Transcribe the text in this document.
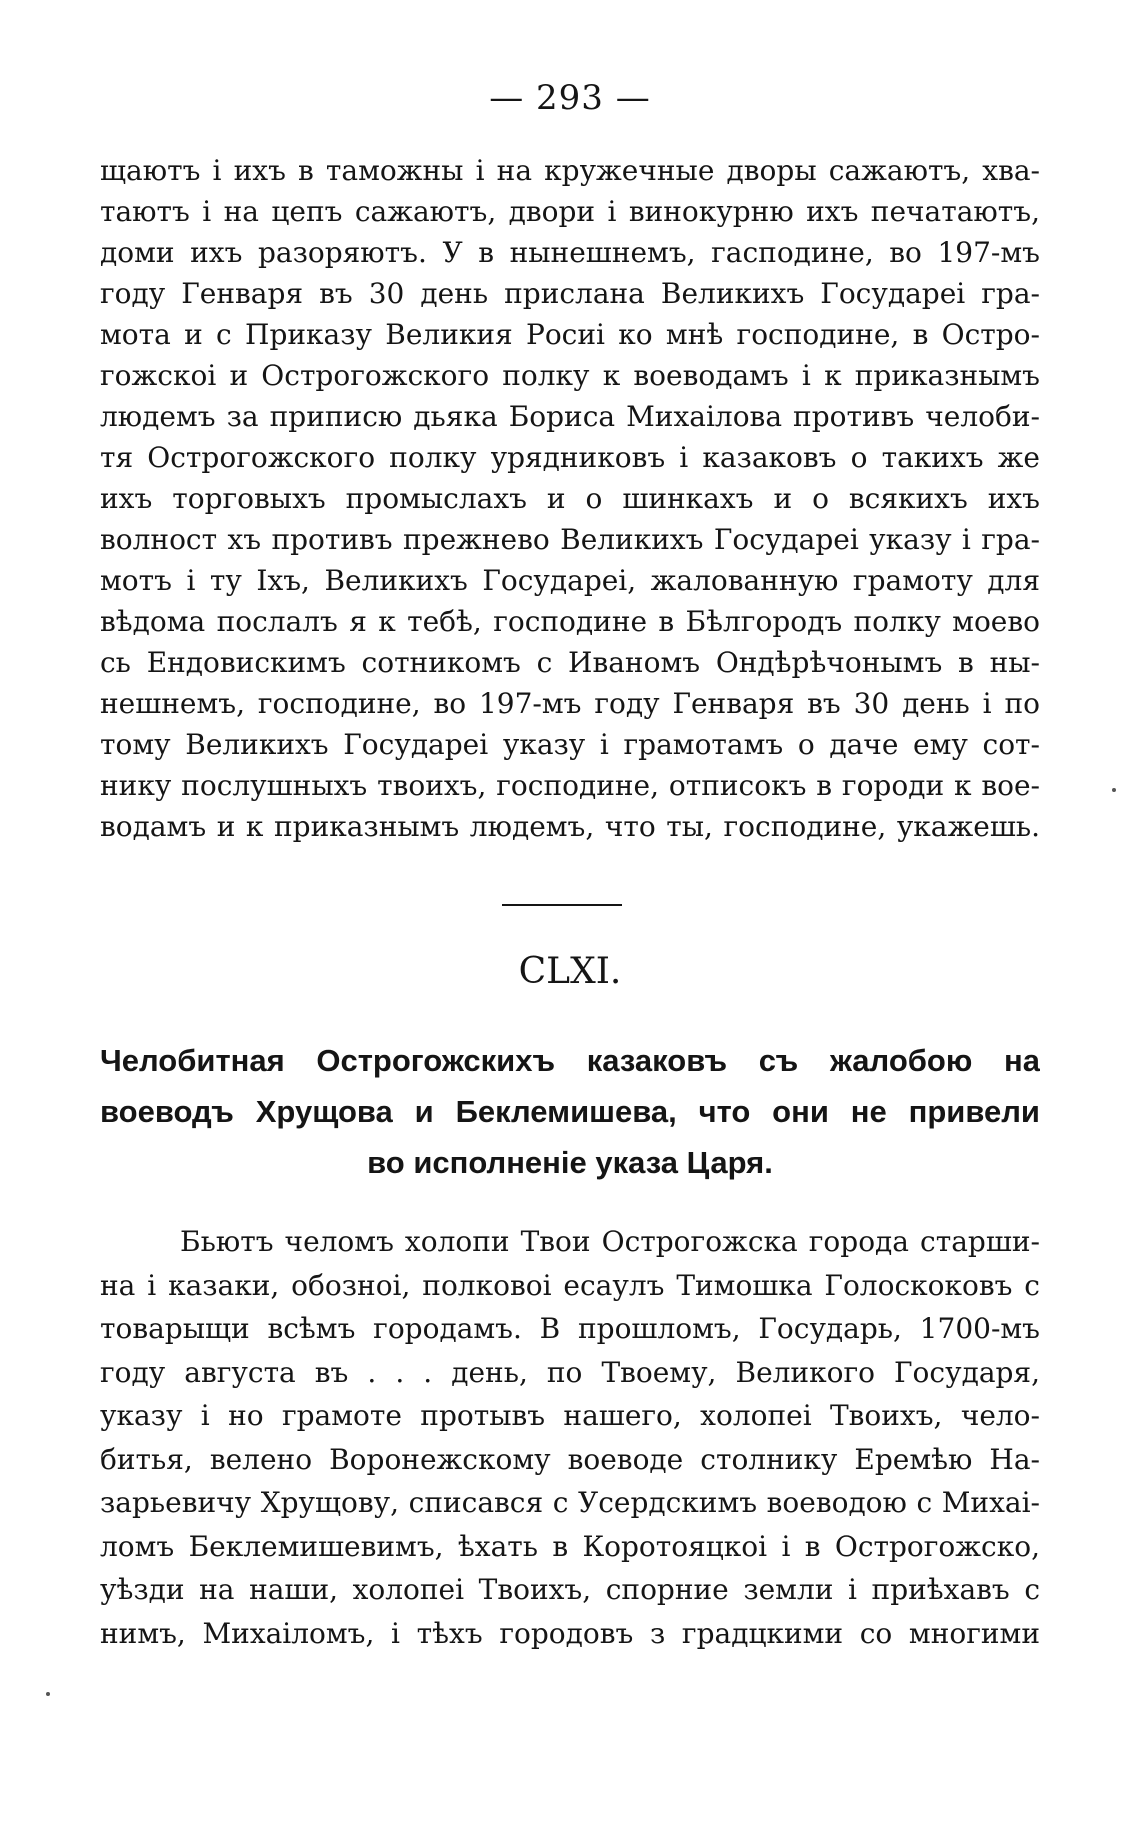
— 293 —
щаютъ і ихъ в таможны і на кружечные дворы сажаютъ, хва-
таютъ і на цепъ сажаютъ, двори і винокурню ихъ печатаютъ,
доми ихъ разоряютъ. У в нынешнемъ, гасподине, во 197-мъ
году Генваря въ 30 день прислана Великихъ Государеі гра-
мота и с Приказу Великия Росиі ко мнѣ господине, в Остро-
гожскоі и Острогожского полку к воеводамъ і к приказнымъ
людемъ за приписю дьяка Бориса Михаілова противъ челоби-
тя Острогожского полку урядниковъ і казаковъ о такихъ же
ихъ торговыхъ промыслахъ и о шинкахъ и о всякихъ ихъ
волност хъ противъ прежнево Великихъ Государеі указу і гра-
мотъ і ту Іхъ, Великихъ Государеі, жалованную грамоту для
вѣдома послалъ я к тебѣ, господине в Бѣлгородъ полку моево
сь Ендовискимъ сотникомъ с Иваномъ Ондѣрѣчонымъ в ны-
нешнемъ, господине, во 197-мъ году Генваря въ 30 день і по
тому Великихъ Государеі указу і грамотамъ о даче ему сот-
нику послушныхъ твоихъ, господине, отписокъ в городи к вое-
водамъ и к приказнымъ людемъ, что ты, господине, укажешь.
CLXI.
Челобитная Острогожскихъ казаковъ съ жалобою на
воеводъ Хрущова и Беклемишева, что они не привели
во исполненіе указа Царя.
Бьютъ челомъ холопи Твои Острогожска города старши-
на і казаки, обозноі, полковоі есаулъ Тимошка Голоскоковъ с
товарыщи всѣмъ городамъ. В прошломъ, Государь, 1700-мъ
году августа въ . . . день, по Твоему, Великого Государя,
указу і но грамоте протывъ нашего, холопеі Твоихъ, чело-
битья, велено Воронежскому воеводе столнику Еремѣю На-
зарьевичу Хрущову, списався с Усердскимъ воеводою с Михаі-
ломъ Беклемишевимъ, ѣхать в Коротояцкоі і в Острогожско,
уѣзди на наши, холопеі Твоихъ, спорние земли і приѣхавъ с
нимъ, Михаіломъ, і тѣхъ городовъ з градцкими со многими
